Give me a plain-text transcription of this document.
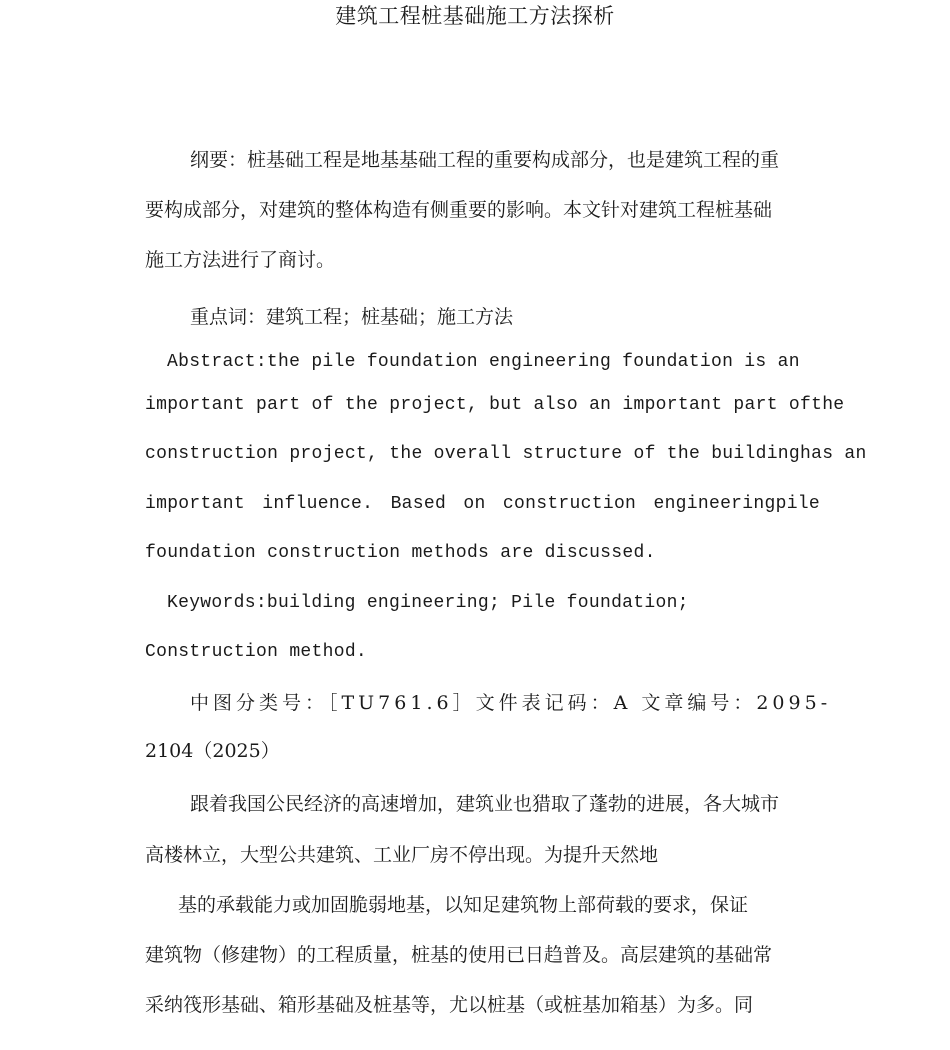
建筑工程桩基础施工方法探析
纲要：桩基础工程是地基基础工程的重要构成部分，也是建筑工程的重
要构成部分，对建筑的整体构造有侧重要的影响。本文针对建筑工程桩基础
施工方法进行了商讨。
重点词：建筑工程；桩基础；施工方法
Abstract:the pile foundation engineering foundation is an
important part of the project, but also an important part ofthe
construction project, the overall structure of the buildinghas an
important influence. Based on construction engineeringpile
foundation construction methods are discussed.
Keywords:building engineering; Pile foundation;
Construction method.
中图分类号：［TU761.6］文件表记码：A 文章编号：2095-
2104（2025）
跟着我国公民经济的高速增加，建筑业也猎取了蓬勃的进展，各大城市
高楼林立，大型公共建筑、工业厂房不停出现。为提升天然地
基的承载能力或加固脆弱地基，以知足建筑物上部荷载的要求，保证
建筑物（修建物）的工程质量，桩基的使用已日趋普及。高层建筑的基础常
采纳筏形基础、箱形基础及桩基等，尤以桩基（或桩基加箱基）为多。同
